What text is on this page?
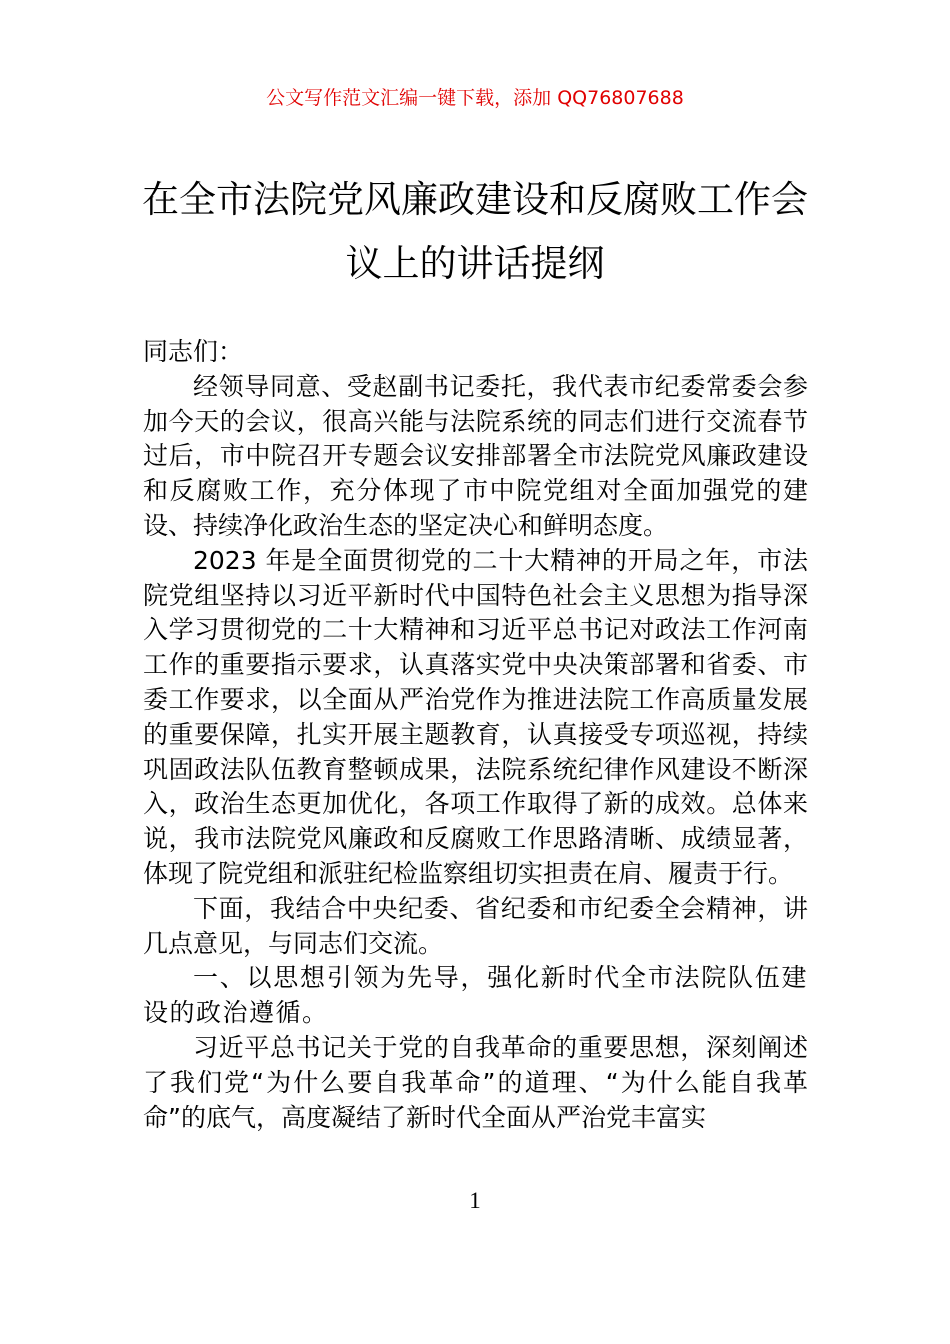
公文写作范文汇编一键下载，添加 QQ76807688
在全市法院党风廉政建设和反腐败工作会
议上的讲话提纲

同志们：

经领导同意、受赵副书记委托，我代表市纪委常委会参加今天的会议，很高兴能与法院系统的同志们进行交流春节过后，市中院召开专题会议安排部署全市法院党风廉政建设和反腐败工作，充分体现了市中院党组对全面加强党的建设、持续净化政治生态的坚定决心和鲜明态度。

2023 年是全面贯彻党的二十大精神的开局之年，市法院党组坚持以习近平新时代中国特色社会主义思想为指导深入学习贯彻党的二十大精神和习近平总书记对政法工作河南工作的重要指示要求，认真落实党中央决策部署和省委、市委工作要求，以全面从严治党作为推进法院工作高质量发展的重要保障，扎实开展主题教育，认真接受专项巡视，持续巩固政法队伍教育整顿成果，法院系统纪律作风建设不断深入，政治生态更加优化，各项工作取得了新的成效。总体来说，我市法院党风廉政和反腐败工作思路清晰、成绩显著，体现了院党组和派驻纪检监察组切实担责在肩、履责于行。

下面，我结合中央纪委、省纪委和市纪委全会精神，讲几点意见，与同志们交流。

一、以思想引领为先导，强化新时代全市法院队伍建设的政治遵循。

习近平总书记关于党的自我革命的重要思想，深刻阐述了我们党“为什么要自我革命”的道理、“为什么能自我革命”的底气，高度凝结了新时代全面从严治党丰富实

1
